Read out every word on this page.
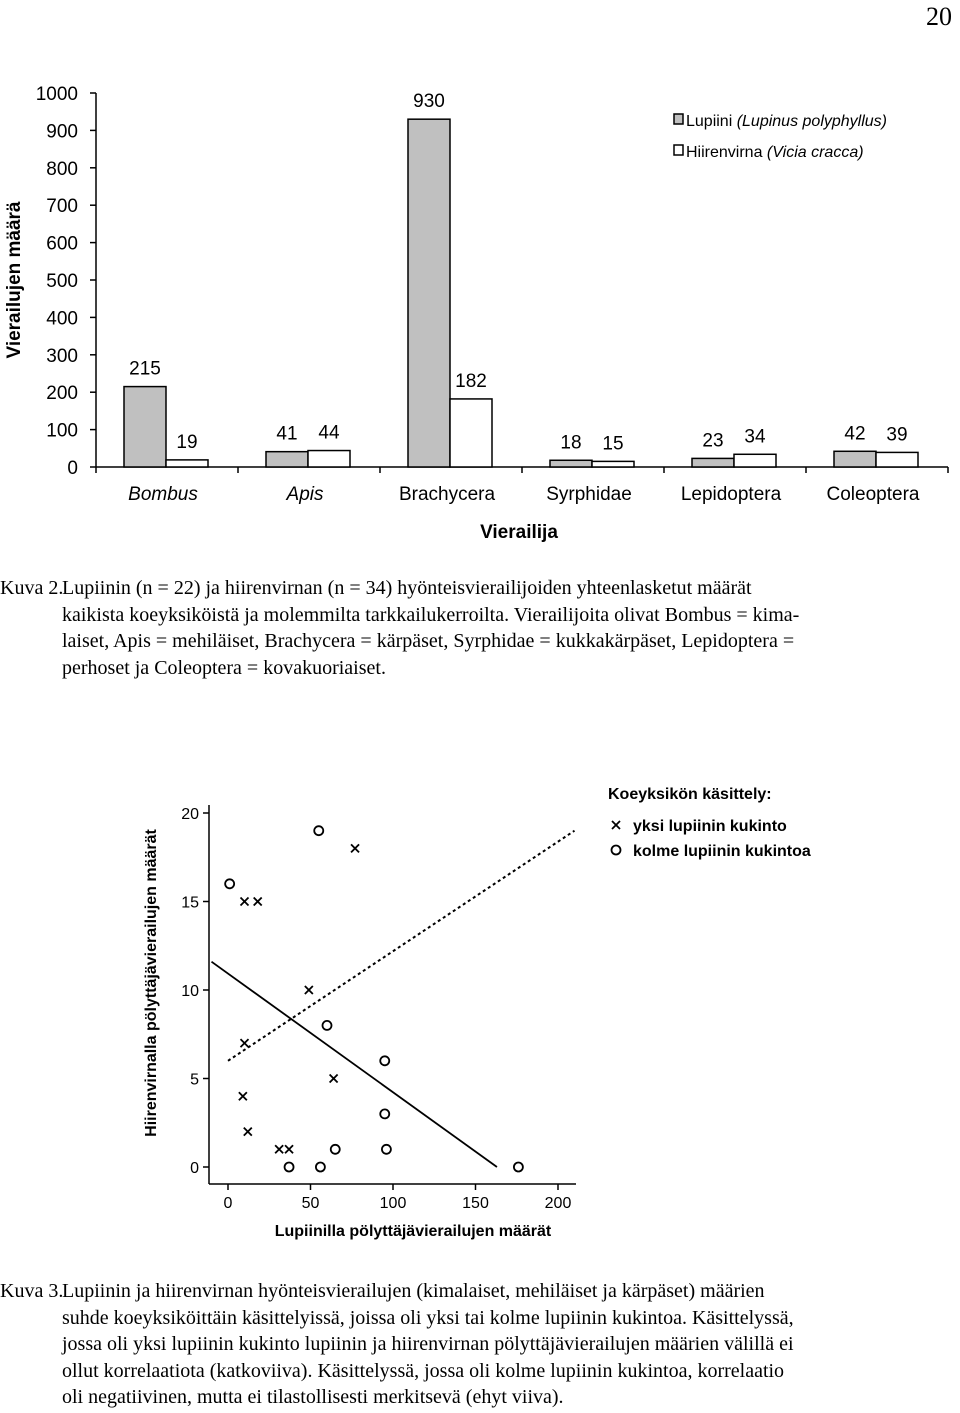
20
0
100
200
300
400
500
600
700
800
900
1000
Vierailujen määrä
Vierailija
215
19
Bombus
41 44
Apis
930
182
Brachycera
18 15
Syrphidae
23 34
Lepidoptera
42 39
Coleoptera
Lupiini (Lupinus polyphyllus)
Hiirenvirna (Vicia cracca)
Kuva 2.Lupiinin (n = 22) ja hiirenvirnan (n = 34) hyönteisvierailijoiden yhteenlasketut määrät
kaikista koeyksiköistä ja molemmilta tarkkailukerroilta. Vierailijoita olivat Bombus = kima-
laiset, Apis = mehiläiset, Brachycera = kärpäset, Syrphidae = kukkakärpäset, Lepidoptera =
perhoset ja Coleoptera = kovakuoriaiset.
0
5
10
15
20
0	50	100	150	200
Lupiinilla pölyttäjävierailujen määrät
Hiirenvirnalla pölyttäjävierailujen määrät
Koeyksikön käsittely:
yksi lupiinin kukinto
kolme lupiinin kukintoa
Kuva 3.Lupiinin ja hiirenvirnan hyönteisvierailujen (kimalaiset, mehiläiset ja kärpäset) määrien
suhde koeyksiköittäin käsittelyissä, joissa oli yksi tai kolme lupiinin kukintoa. Käsittelyssä,
jossa oli yksi lupiinin kukinto lupiinin ja hiirenvirnan pölyttäjävierailujen määrien välillä ei
ollut korrelaatiota (katkoviiva). Käsittelyssä, jossa oli kolme lupiinin kukintoa, korrelaatio
oli negatiivinen, mutta ei tilastollisesti merkitsevä (ehyt viiva).
